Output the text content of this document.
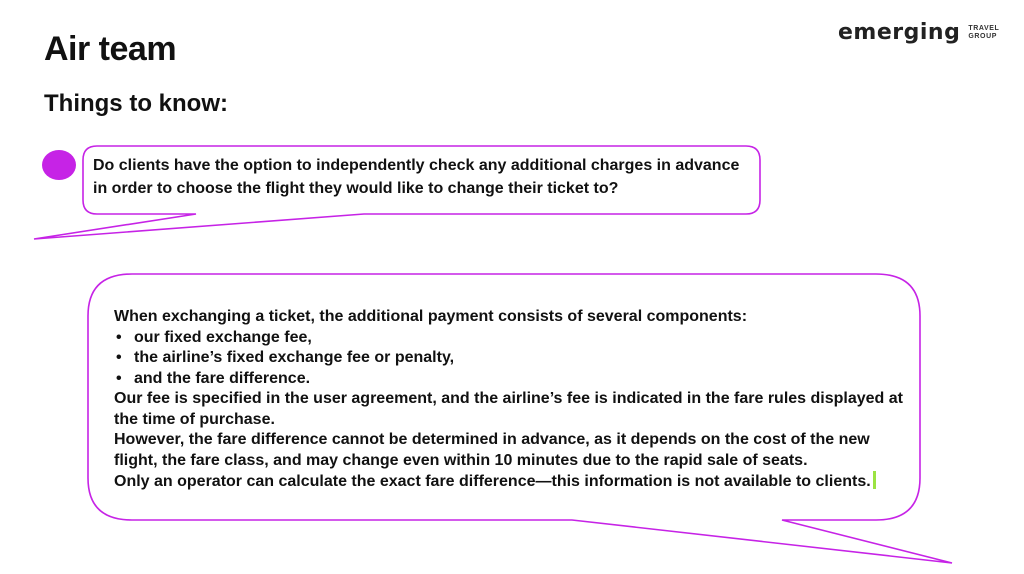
Air team
Things to know:
emerging TRAVEL
GROUP
Do clients have the option to independently check any additional charges in advance in order to choose the flight they would like to change their ticket to?

When exchanging a ticket, the additional payment consists of several components:

• our fixed exchange fee,
• the airline’s fixed exchange fee or penalty,
• and the fare difference.

Our fee is specified in the user agreement, and the airline’s fee is indicated in the fare rules displayed at the time of purchase.

However, the fare difference cannot be determined in advance, as it depends on the cost of the new flight, the fare class, and may change even within 10 minutes due to the rapid sale of seats.

Only an operator can calculate the exact fare difference—this information is not available to clients.
